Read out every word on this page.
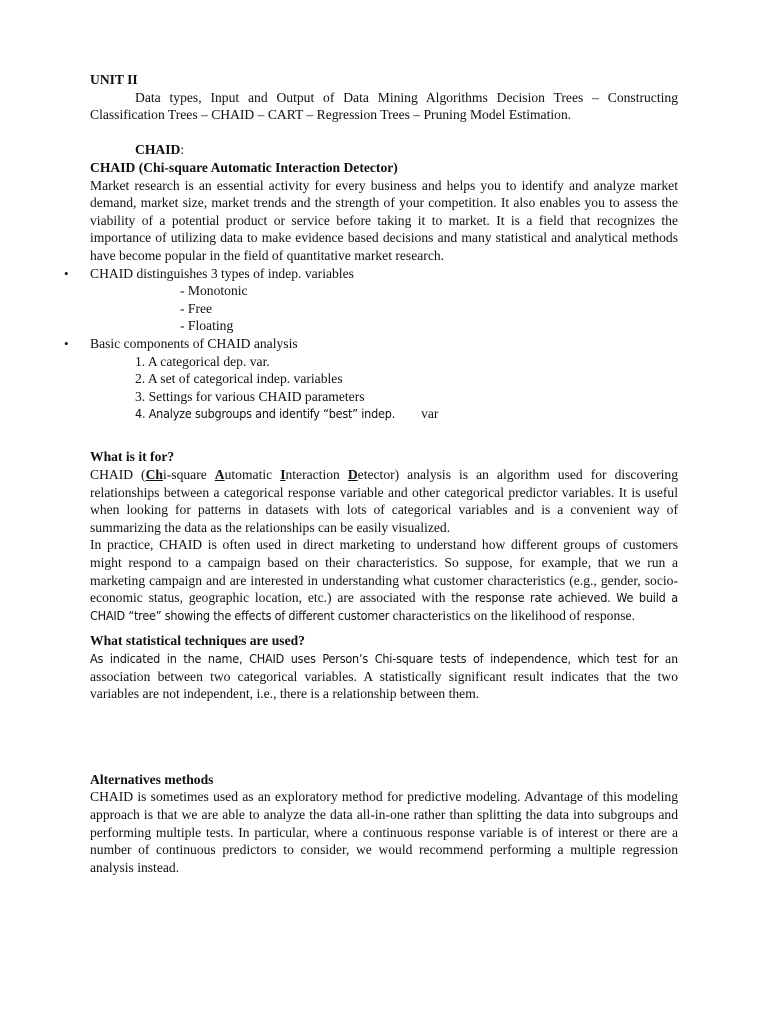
UNIT II

Data types, Input and Output of Data Mining Algorithms Decision Trees – Constructing Classification Trees – CHAID – CART – Regression Trees – Pruning Model Estimation.

CHAID:

CHAID (Chi-square Automatic Interaction Detector)

Market research is an essential activity for every business and helps you to identify and analyze market demand, market size, market trends and the strength of your competition. It also enables you to assess the viability of a potential product or service before taking it to market. It is a field that recognizes the importance of utilizing data to make evidence based decisions and many statistical and analytical methods have become popular in the field of quantitative market research.

• CHAID distinguishes 3 types of indep. variables

- Monotonic

- Free

- Floating

• Basic components of CHAID analysis

1. A categorical dep. var.

2. A set of categorical indep. variables

3. Settings for various CHAID parameters

4. Analyze subgroups and identify “best” indep. var

What is it for?

CHAID (Chi-square Automatic Interaction Detector) analysis is an algorithm used for discovering relationships between a categorical response variable and other categorical predictor variables. It is useful when looking for patterns in datasets with lots of categorical variables and is a convenient way of summarizing the data as the relationships can be easily visualized.

In practice, CHAID is often used in direct marketing to understand how different groups of customers might respond to a campaign based on their characteristics. So suppose, for example, that we run a marketing campaign and are interested in understanding what customer characteristics (e.g., gender, socio-economic status, geographic location, etc.) are associated with the response rate achieved. We build a CHAID “tree” showing the effects of different customer characteristics on the likelihood of response.

What statistical techniques are used?

As indicated in the name, CHAID uses Person’s Chi-square tests of independence, which test for an association between two categorical variables. A statistically significant result indicates that the two variables are not independent, i.e., there is a relationship between them.

Alternatives methods

CHAID is sometimes used as an exploratory method for predictive modeling. Advantage of this modeling approach is that we are able to analyze the data all-in-one rather than splitting the data into subgroups and performing multiple tests. In particular, where a continuous response variable is of interest or there are a number of continuous predictors to consider, we would recommend performing a multiple regression analysis instead.
